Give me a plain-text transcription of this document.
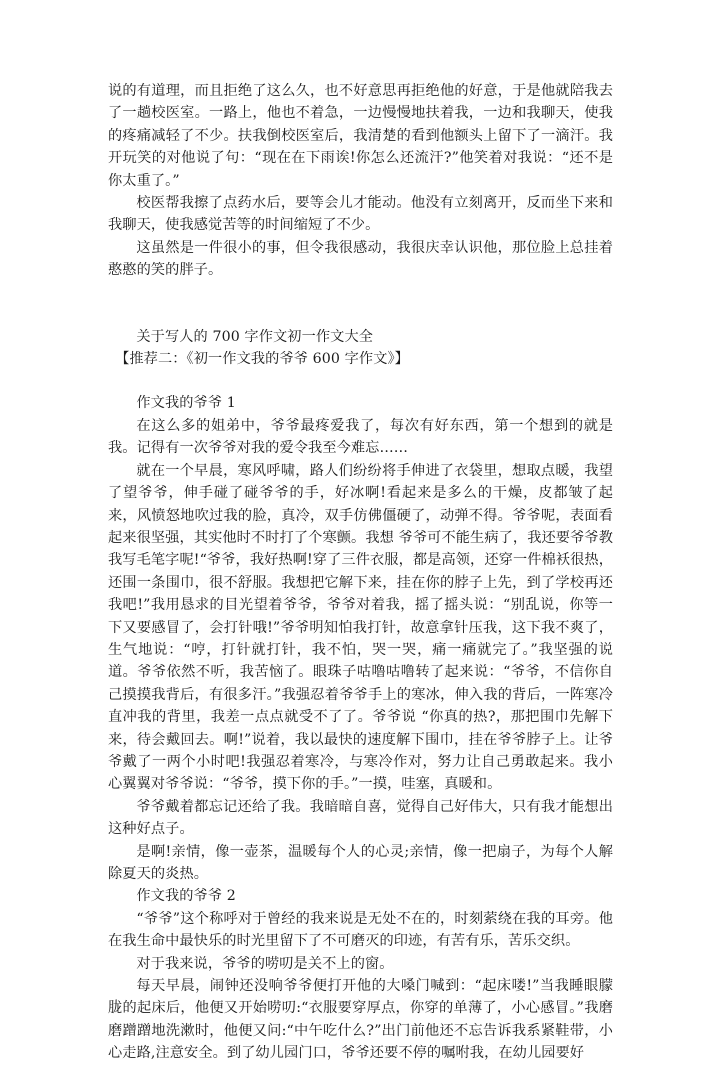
说的有道理，而且拒绝了这么久，也不好意思再拒绝他的好意，于是他就陪我去了一趟校医室。一路上，他也不着急，一边慢慢地扶着我，一边和我聊天，使我的疼痛减轻了不少。扶我倒校医室后，我清楚的看到他额头上留下了一滴汗。我开玩笑的对他说了句：“现在在下雨诶!你怎么还流汗?”他笑着对我说：“还不是你太重了。”

校医帮我擦了点药水后，要等会儿才能动。他没有立刻离开，反而坐下来和我聊天，使我感觉苦等的时间缩短了不少。

这虽然是一件很小的事，但令我很感动，我很庆幸认识他，那位脸上总挂着憨憨的笑的胖子。

关于写人的 700 字作文初一作文大全

【推荐二：《初一作文我的爷爷 600 字作文》】

作文我的爷爷 1

在这么多的姐弟中，爷爷最疼爱我了，每次有好东西，第一个想到的就是我。记得有一次爷爷对我的爱令我至今难忘……

就在一个早晨，寒风呼啸，路人们纷纷将手伸进了衣袋里，想取点暖，我望了望爷爷，伸手碰了碰爷爷的手，好冰啊!看起来是多么的干燥，皮都皱了起来，风愤怒地吹过我的脸，真冷，双手仿佛僵硬了，动弹不得。爷爷呢，表面看起来很坚强，其实他时不时打了个寒颤。我想 爷爷可不能生病了，我还要爷爷教我写毛笔字呢!“爷爷，我好热啊!穿了三件衣服，都是高领，还穿一件棉袄很热，还围一条围巾，很不舒服。我想把它解下来，挂在你的脖子上先，到了学校再还我吧!”我用恳求的目光望着爷爷，爷爷对着我，摇了摇头说：“别乱说，你等一下又要感冒了，会打针哦!”爷爷明知怕我打针，故意拿针压我，这下我不爽了，生气地说：“哼，打针就打针，我不怕，哭一哭，痛一痛就完了。”我坚强的说道。爷爷依然不听，我苦恼了。眼珠子咕噜咕噜转了起来说：“爷爷，不信你自己摸摸我背后，有很多汗。”我强忍着爷爷手上的寒冰，伸入我的背后，一阵寒冷直冲我的背里，我差一点点就受不了了。爷爷说 “你真的热?，那把围巾先解下来，待会戴回去。啊!”说着，我以最快的速度解下围巾，挂在爷爷脖子上。让爷爷戴了一两个小时吧!我强忍着寒冷，与寒冷作对，努力让自己勇敢起来。我小心翼翼对爷爷说：“爷爷，摸下你的手。”一摸，哇塞，真暖和。

爷爷戴着都忘记还给了我。我暗暗自喜，觉得自己好伟大，只有我才能想出这种好点子。

是啊!亲情，像一壶茶，温暖每个人的心灵;亲情，像一把扇子，为每个人解除夏天的炎热。

作文我的爷爷 2

“爷爷”这个称呼对于曾经的我来说是无处不在的，时刻萦绕在我的耳旁。他在我生命中最快乐的时光里留下了不可磨灭的印迹，有苦有乐，苦乐交织。

对于我来说，爷爷的唠叨是关不上的窗。

每天早晨，闹钟还没响爷爷便打开他的大嗓门喊到：“起床喽!”当我睡眼朦胧的起床后，他便又开始唠叨:“衣服要穿厚点，你穿的单薄了，小心感冒。”我磨磨蹭蹭地洗漱时，他便又问:“中午吃什么?”出门前他还不忘告诉我系紧鞋带，小心走路,注意安全。到了幼儿园门口，爷爷还要不停的嘱咐我，在幼儿园要好
